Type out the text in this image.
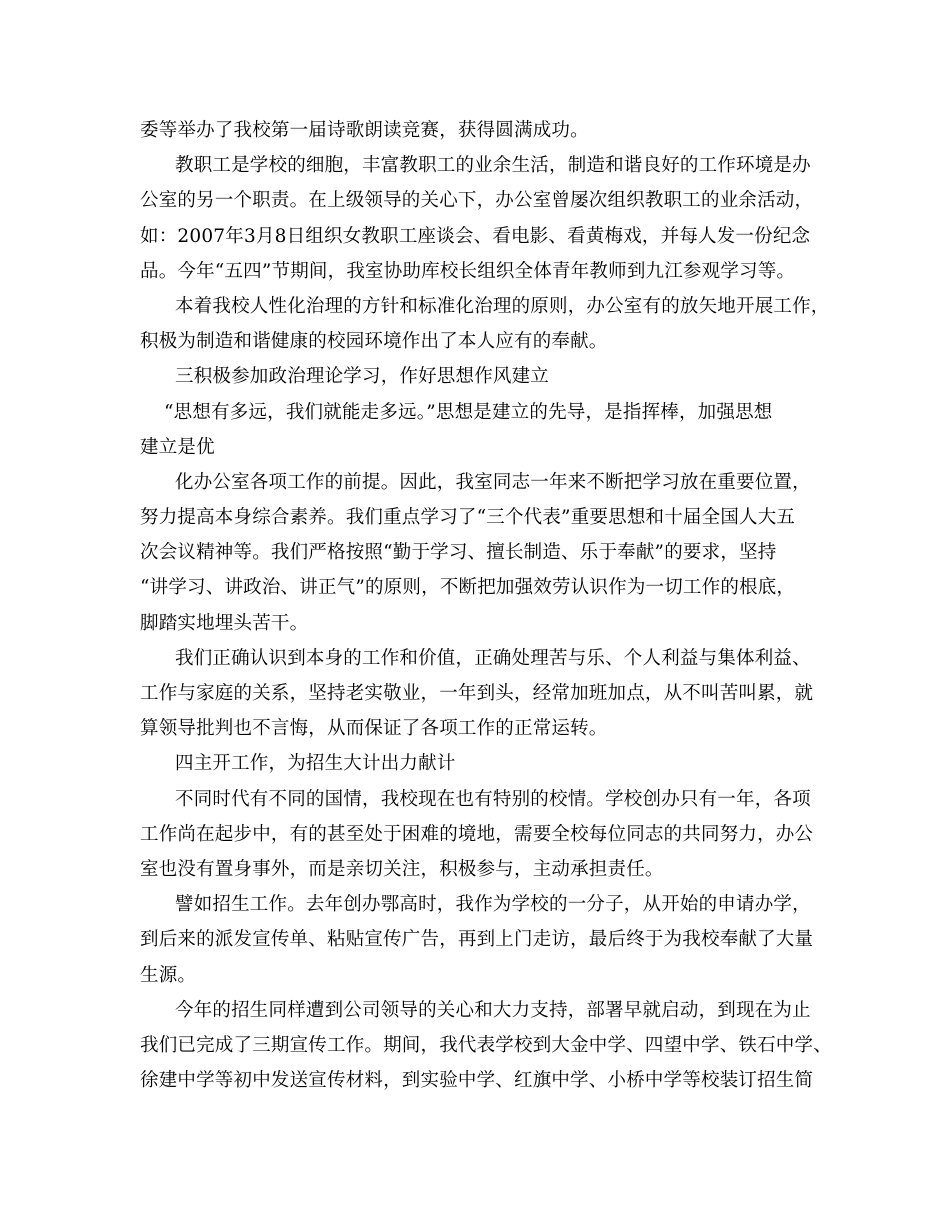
委等举办了我校第一届诗歌朗读竞赛，获得圆满成功。
教职工是学校的细胞，丰富教职工的业余生活，制造和谐良好的工作环境是办
公室的另一个职责。在上级领导的关心下，办公室曾屡次组织教职工的业余活动，
如：2007年3月8日组织女教职工座谈会、看电影、看黄梅戏，并每人发一份纪念
品。今年“五四”节期间，我室协助库校长组织全体青年教师到九江参观学习等。
本着我校人性化治理的方针和标准化治理的原则，办公室有的放矢地开展工作，
积极为制造和谐健康的校园环境作出了本人应有的奉献。
三积极参加政治理论学习，作好思想作风建立
“思想有多远，我们就能走多远。”思想是建立的先导，是指挥棒，加强思想
建立是优
化办公室各项工作的前提。因此，我室同志一年来不断把学习放在重要位置，
努力提高本身综合素养。我们重点学习了“三个代表”重要思想和十届全国人大五
次会议精神等。我们严格按照“勤于学习、擅长制造、乐于奉献”的要求，坚持
“讲学习、讲政治、讲正气”的原则，不断把加强效劳认识作为一切工作的根底，
脚踏实地埋头苦干。
我们正确认识到本身的工作和价值，正确处理苦与乐、个人利益与集体利益、
工作与家庭的关系，坚持老实敬业，一年到头，经常加班加点，从不叫苦叫累，就
算领导批判也不言悔，从而保证了各项工作的正常运转。
四主开工作，为招生大计出力献计
不同时代有不同的国情，我校现在也有特别的校情。学校创办只有一年，各项
工作尚在起步中，有的甚至处于困难的境地，需要全校每位同志的共同努力，办公
室也没有置身事外，而是亲切关注，积极参与，主动承担责任。
譬如招生工作。去年创办鄂高时，我作为学校的一分子，从开始的申请办学，
到后来的派发宣传单、粘贴宣传广告，再到上门走访，最后终于为我校奉献了大量
生源。
今年的招生同样遭到公司领导的关心和大力支持，部署早就启动，到现在为止
我们已完成了三期宣传工作。期间，我代表学校到大金中学、四望中学、铁石中学、
徐建中学等初中发送宣传材料，到实验中学、红旗中学、小桥中学等校装订招生简
